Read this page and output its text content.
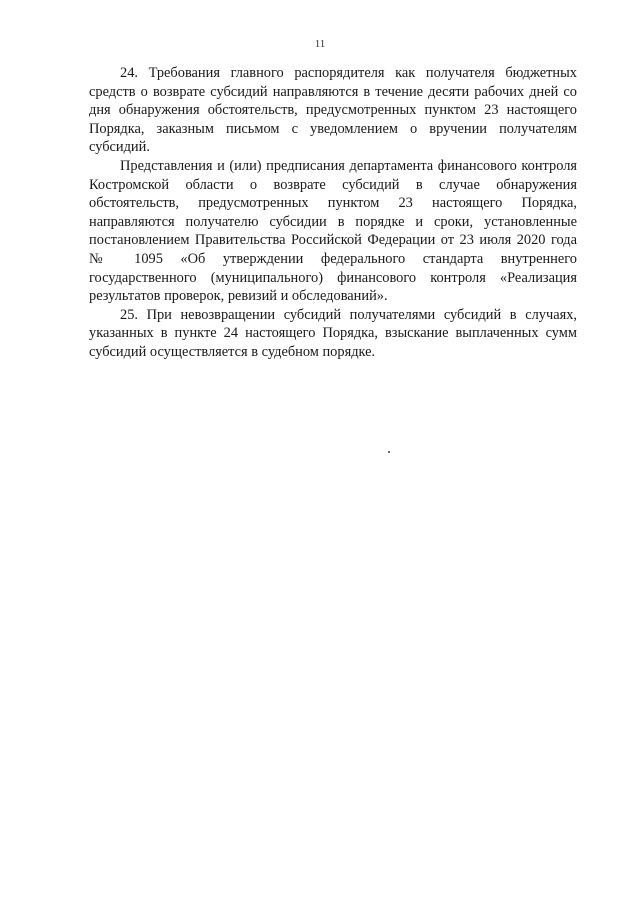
11

24. Требования главного распорядителя как получателя бюджетных средств о возврате субсидий направляются в течение десяти рабочих дней со дня обнаружения обстоятельств, предусмотренных пунктом 23 настоящего Порядка, заказным письмом с уведомлением о вручении получателям субсидий.

Представления и (или) предписания департамента финансового контроля Костромской области о возврате субсидий в случае обнаружения обстоятельств, предусмотренных пунктом 23 настоящего Порядка, направляются получателю субсидии в порядке и сроки, установленные постановлением Правительства Российской Федерации от 23 июля 2020 года № 1095 «Об утверждении федерального стандарта внутреннего государственного (муниципального) финансового контроля «Реализация результатов проверок, ревизий и обследований».

25. При невозвращении субсидий получателями субсидий в случаях, указанных в пункте 24 настоящего Порядка, взыскание выплаченных сумм субсидий осуществляется в судебном порядке.
